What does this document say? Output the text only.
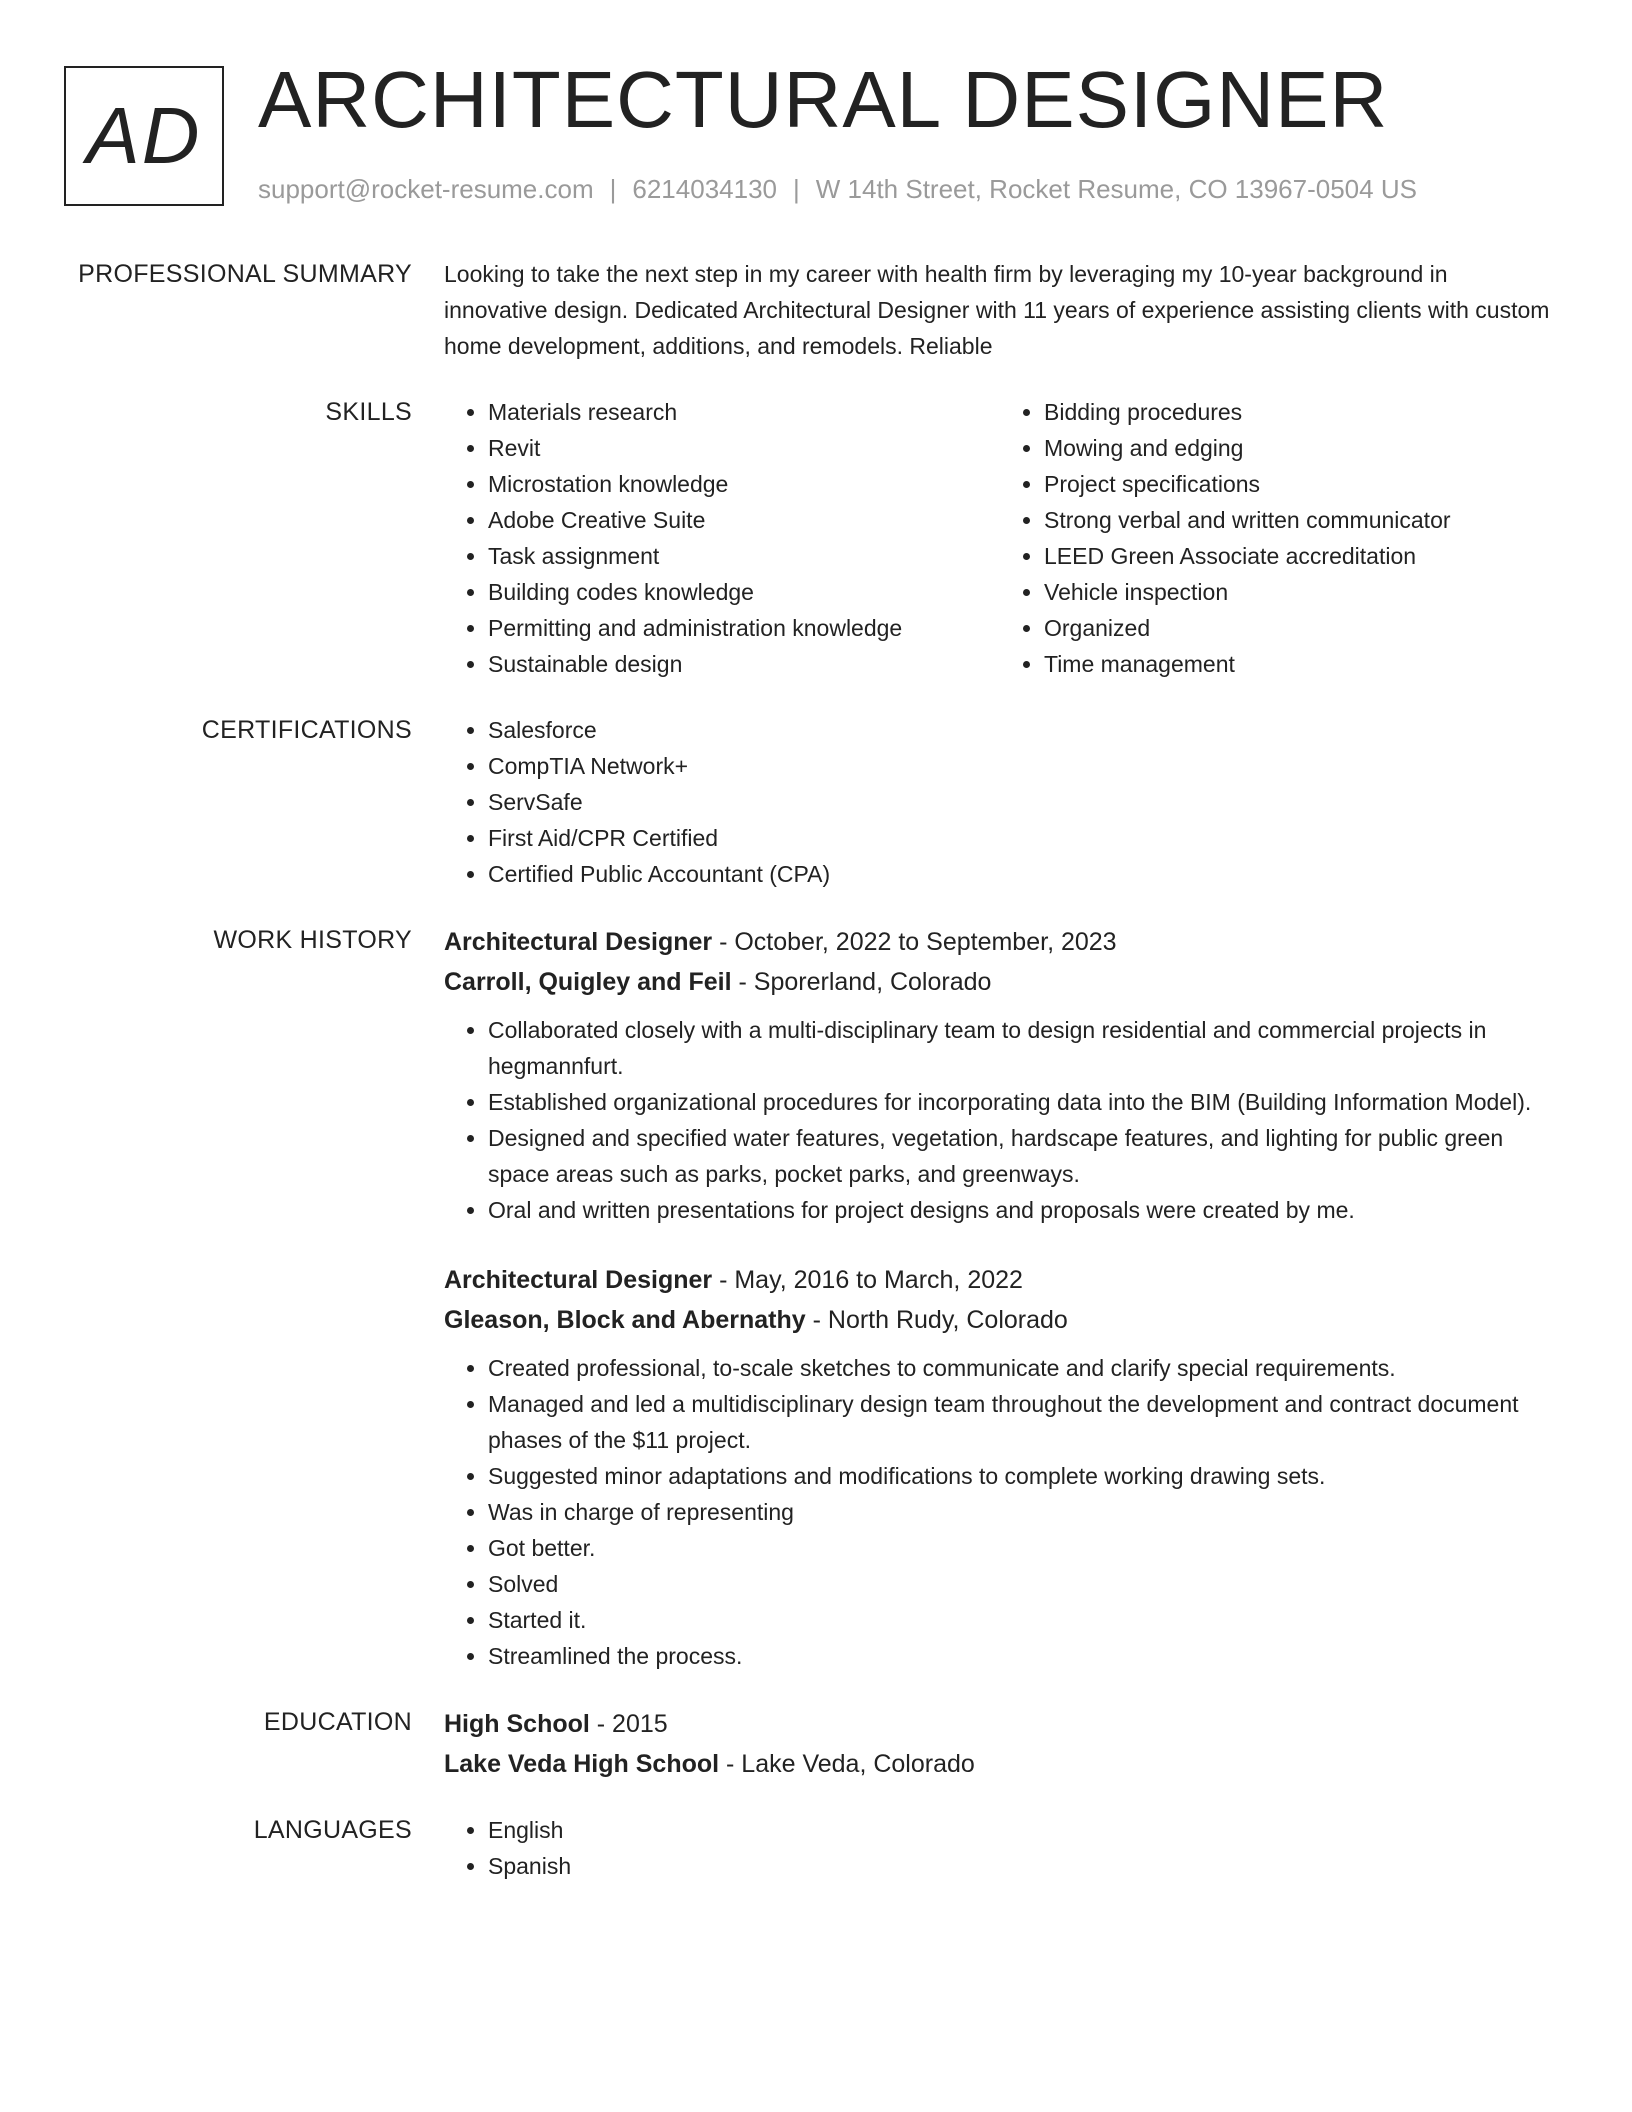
AD ARCHITECTURAL DESIGNER
support@rocket-resume.com | 6214034130 | W 14th Street, Rocket Resume, CO 13967-0504 US
PROFESSIONAL SUMMARY Looking to take the next step in my career with health firm by leveraging my 10-year background in innovative design. Dedicated Architectural Designer with 11 years of experience assisting clients with custom home development, additions, and remodels. Reliable

SKILLS	• Materials research
• Revit
• Microstation knowledge
• Adobe Creative Suite
• Task assignment
• Building codes knowledge
• Permitting and administration knowledge
• Sustainable design
• Bidding procedures
• Mowing and edging
• Project specifications
• Strong verbal and written communicator
• LEED Green Associate accreditation
• Vehicle inspection
• Organized
• Time management
CERTIFICATIONS	• Salesforce
• CompTIA Network+
• ServSafe
• First Aid/CPR Certified
• Certified Public Accountant (CPA)
WORK HISTORY Architectural Designer - October, 2022 to September, 2023
Carroll, Quigley and Feil - Sporerland, Colorado
• Collaborated closely with a multi-disciplinary team to design residential and commercial projects in hegmannfurt.
• Established organizational procedures for incorporating data into the BIM (Building Information Model).
• Designed and specified water features, vegetation, hardscape features, and lighting for public green space areas such as parks, pocket parks, and greenways.
• Oral and written presentations for project designs and proposals were created by me.
Architectural Designer - May, 2016 to March, 2022
Gleason, Block and Abernathy - North Rudy, Colorado
• Created professional, to-scale sketches to communicate and clarify special requirements.
• Managed and led a multidisciplinary design team throughout the development and contract document phases of the $11 project.
• Suggested minor adaptations and modifications to complete working drawing sets.
• Was in charge of representing
• Got better.
• Solved
• Started it.
• Streamlined the process.
EDUCATION High School - 2015
Lake Veda High School - Lake Veda, Colorado
LANGUAGES	• English
• Spanish
